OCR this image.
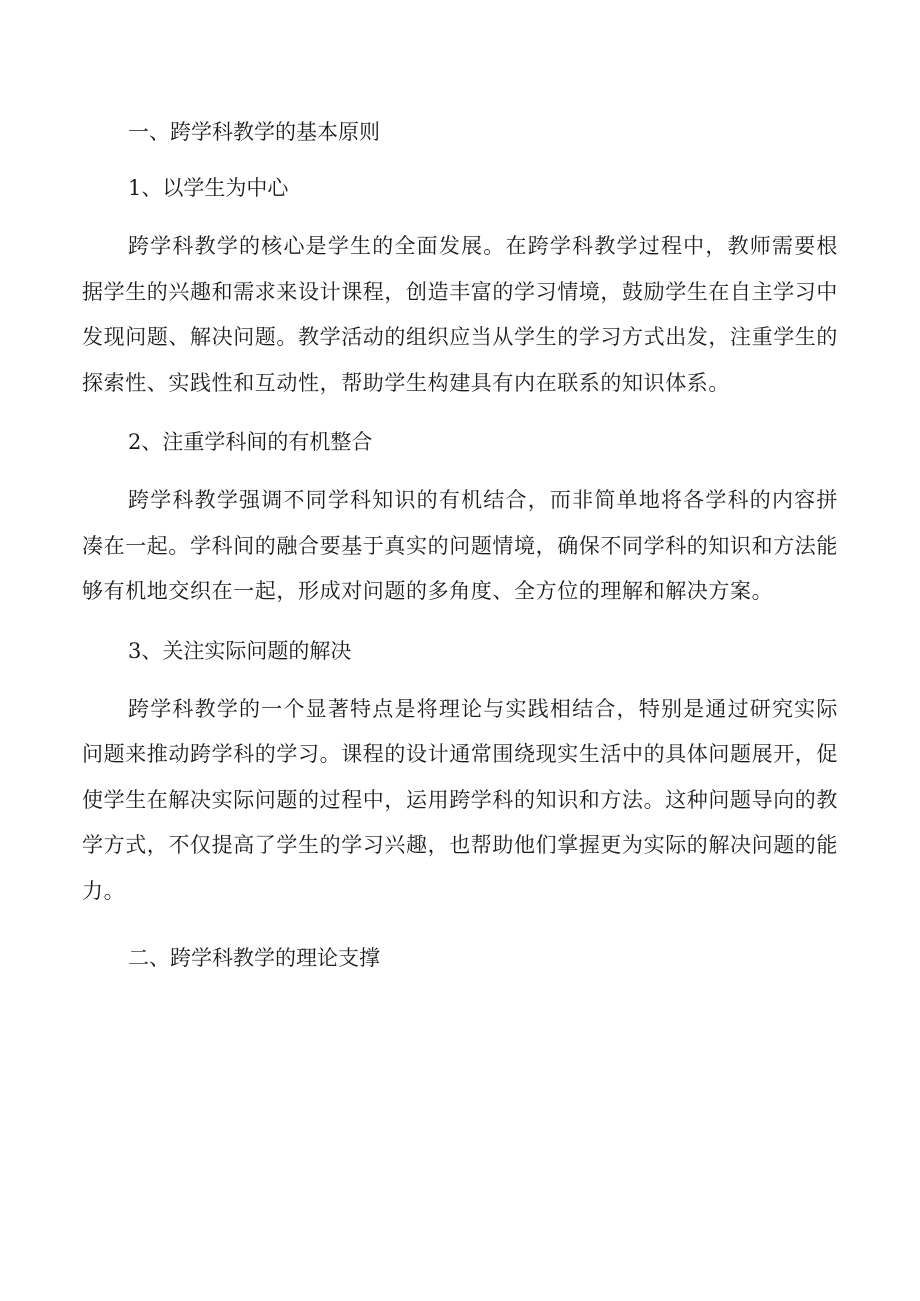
一、跨学科教学的基本原则
1、以学生为中心

跨学科教学的核心是学生的全面发展。在跨学科教学过程中，教师需要根据学生的兴趣和需求来设计课程，创造丰富的学习情境，鼓励学生在自主学习中发现问题、解决问题。教学活动的组织应当从学生的学习方式出发，注重学生的探索性、实践性和互动性，帮助学生构建具有内在联系的知识体系。

2、注重学科间的有机整合

跨学科教学强调不同学科知识的有机结合，而非简单地将各学科的内容拼凑在一起。学科间的融合要基于真实的问题情境，确保不同学科的知识和方法能够有机地交织在一起，形成对问题的多角度、全方位的理解和解决方案。

3、关注实际问题的解决

跨学科教学的一个显著特点是将理论与实践相结合，特别是通过研究实际问题来推动跨学科的学习。课程的设计通常围绕现实生活中的具体问题展开，促使学生在解决实际问题的过程中，运用跨学科的知识和方法。这种问题导向的教学方式，不仅提高了学生的学习兴趣，也帮助他们掌握更为实际的解决问题的能力。

二、跨学科教学的理论支撑
